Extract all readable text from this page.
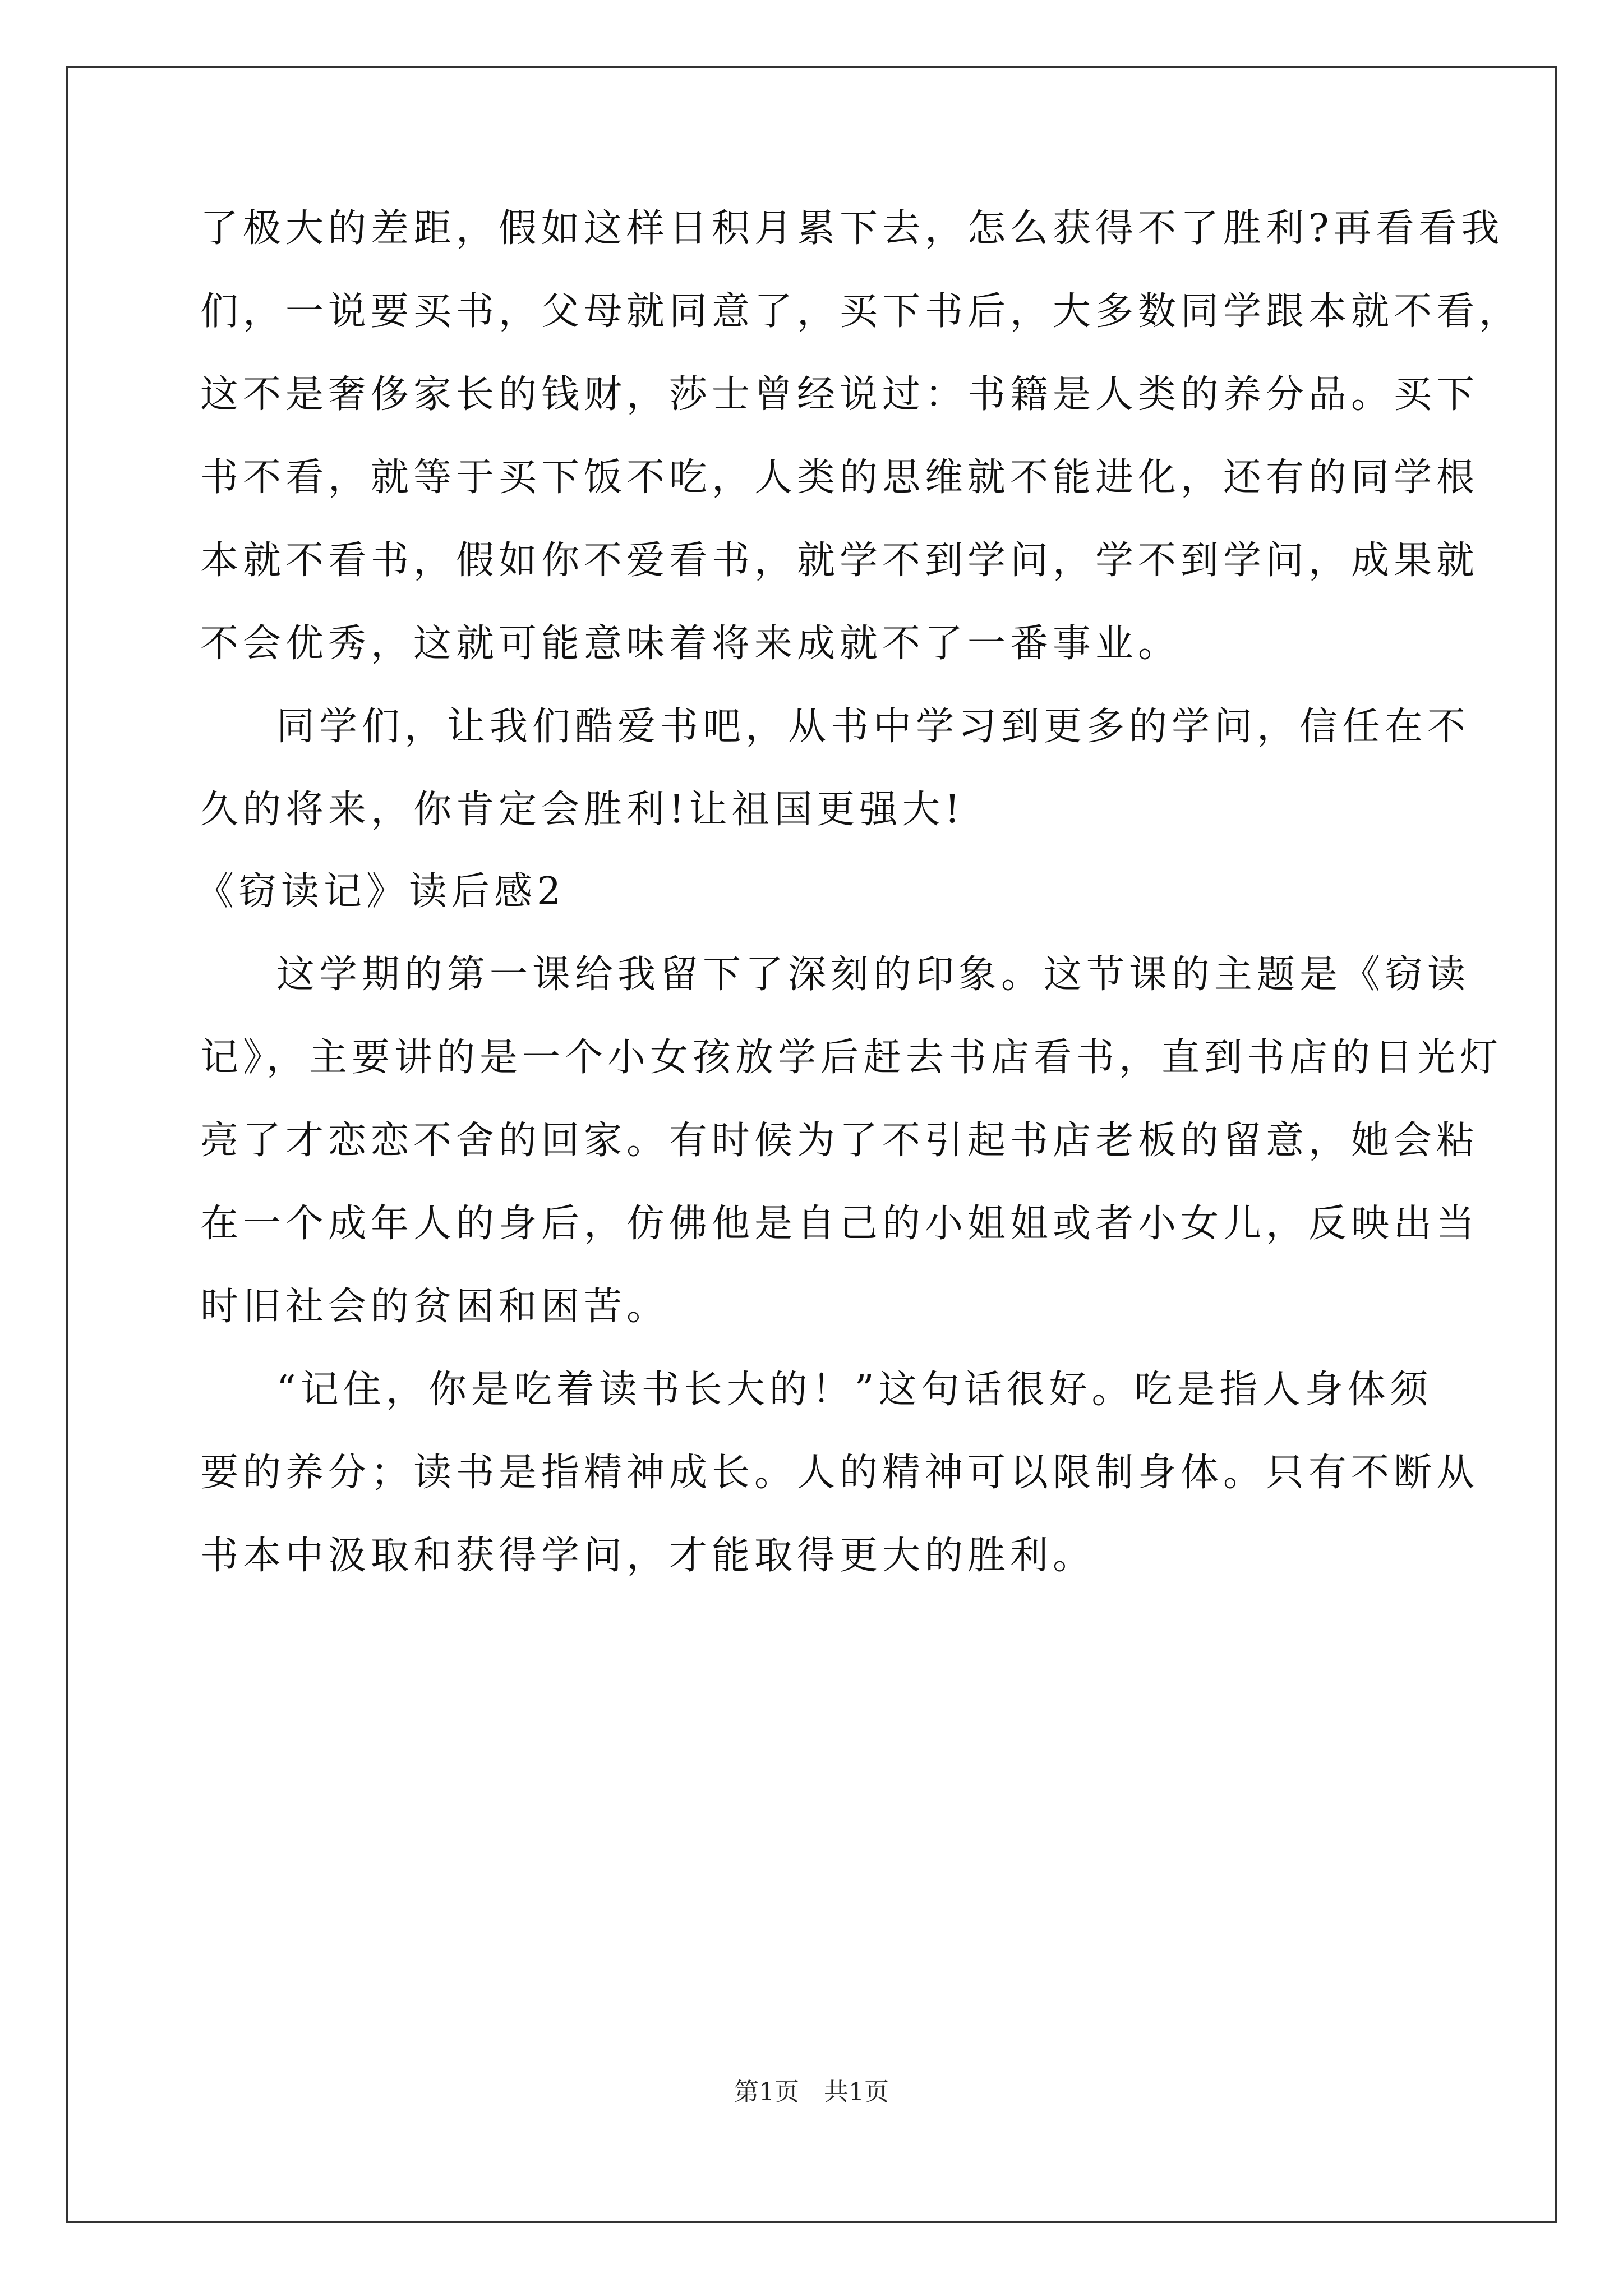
了极大的差距，假如这样日积月累下去，怎么获得不了胜利?再看看我
们，一说要买书，父母就同意了，买下书后，大多数同学跟本就不看，
这不是奢侈家长的钱财，莎士曾经说过：书籍是人类的养分品。买下
书不看，就等于买下饭不吃，人类的思维就不能进化，还有的同学根
本就不看书，假如你不爱看书，就学不到学问，学不到学问，成果就
不会优秀，这就可能意味着将来成就不了一番事业。
同学们，让我们酷爱书吧，从书中学习到更多的学问，信任在不
久的将来，你肯定会胜利!让祖国更强大!
《窃读记》读后感2
这学期的第一课给我留下了深刻的印象。这节课的主题是《窃读
记》，主要讲的是一个小女孩放学后赶去书店看书，直到书店的日光灯
亮了才恋恋不舍的回家。有时候为了不引起书店老板的留意，她会粘
在一个成年人的身后，仿佛他是自己的小姐姐或者小女儿，反映出当
时旧社会的贫困和困苦。
“记住，你是吃着读书长大的！”这句话很好。吃是指人身体须
要的养分；读书是指精神成长。人的精神可以限制身体。只有不断从
书本中汲取和获得学问，才能取得更大的胜利。
第1页　共1页
